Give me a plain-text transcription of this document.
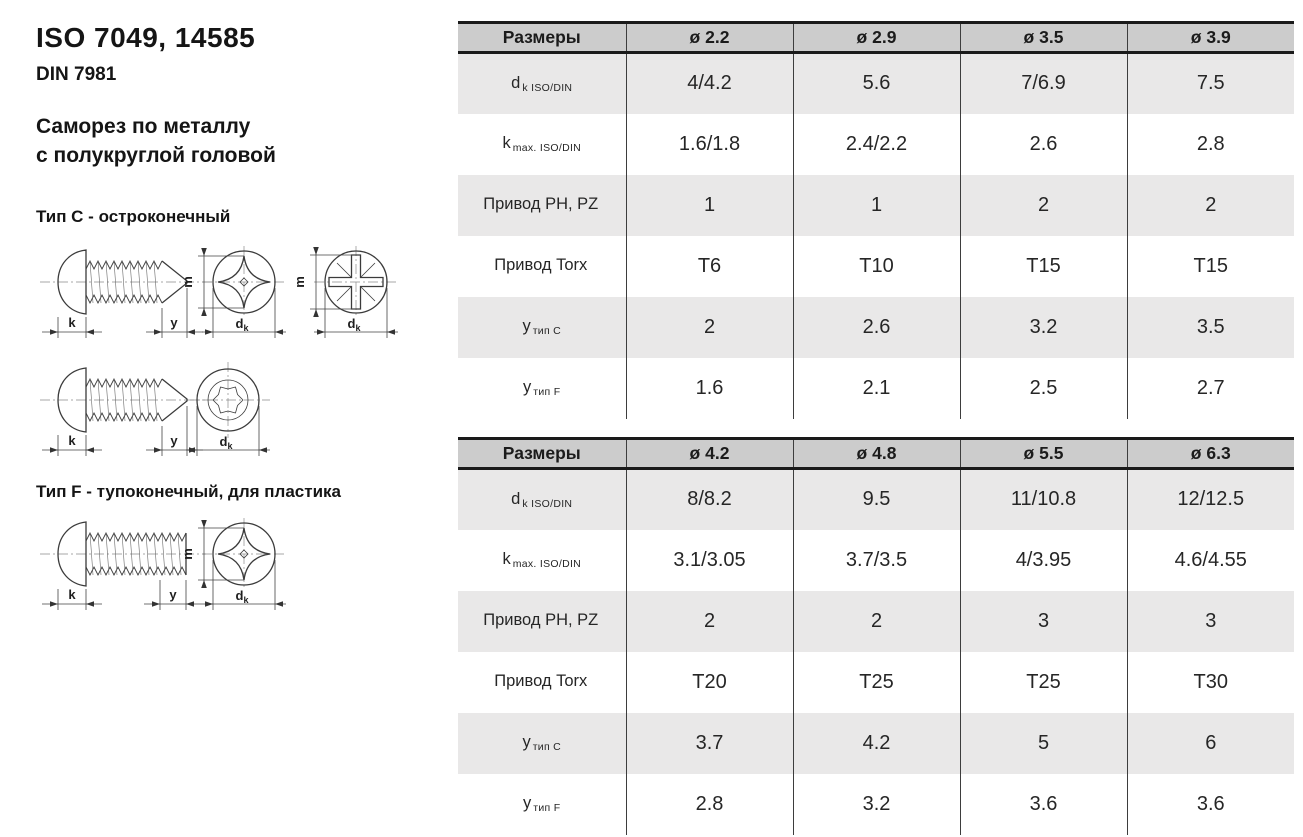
ISO 7049, 14585
DIN 7981
Саморез по металлу
с полукруглой головой
Тип C - остроконечный
Тип F - тупоконечный, для пластика
Размеры	ø 2.2	ø 2.9	ø 3.5	ø 3.9
d $_{k ISO/DIN}$	4/4.2	5.6	7/6.9	7.5
k $_{max. ISO/DIN}$	1.6/1.8	2.4/2.2	2.6	2.8
Привод PH, PZ	1	1	2	2
Привод Torx	T6	T10	T15	T15
у $_{тип C}$	2	2.6	3.2	3.5
у $_{тип F}$	1.6	2.1	2.5	2.7
Размеры	ø 4.2	ø 4.8	ø 5.5	ø 6.3
d $_{k ISO/DIN}$	8/8.2	9.5	11/10.8	12/12.5
k $_{max. ISO/DIN}$	3.1/3.05	3.7/3.5	4/3.95	4.6/4.55
Привод PH, PZ	2	2	3	3
Привод Torx	T20	T25	T25	T30
у $_{тип C}$	3.7	4.2	5	6
у $_{тип F}$	2.8	3.2	3.6	3.6
